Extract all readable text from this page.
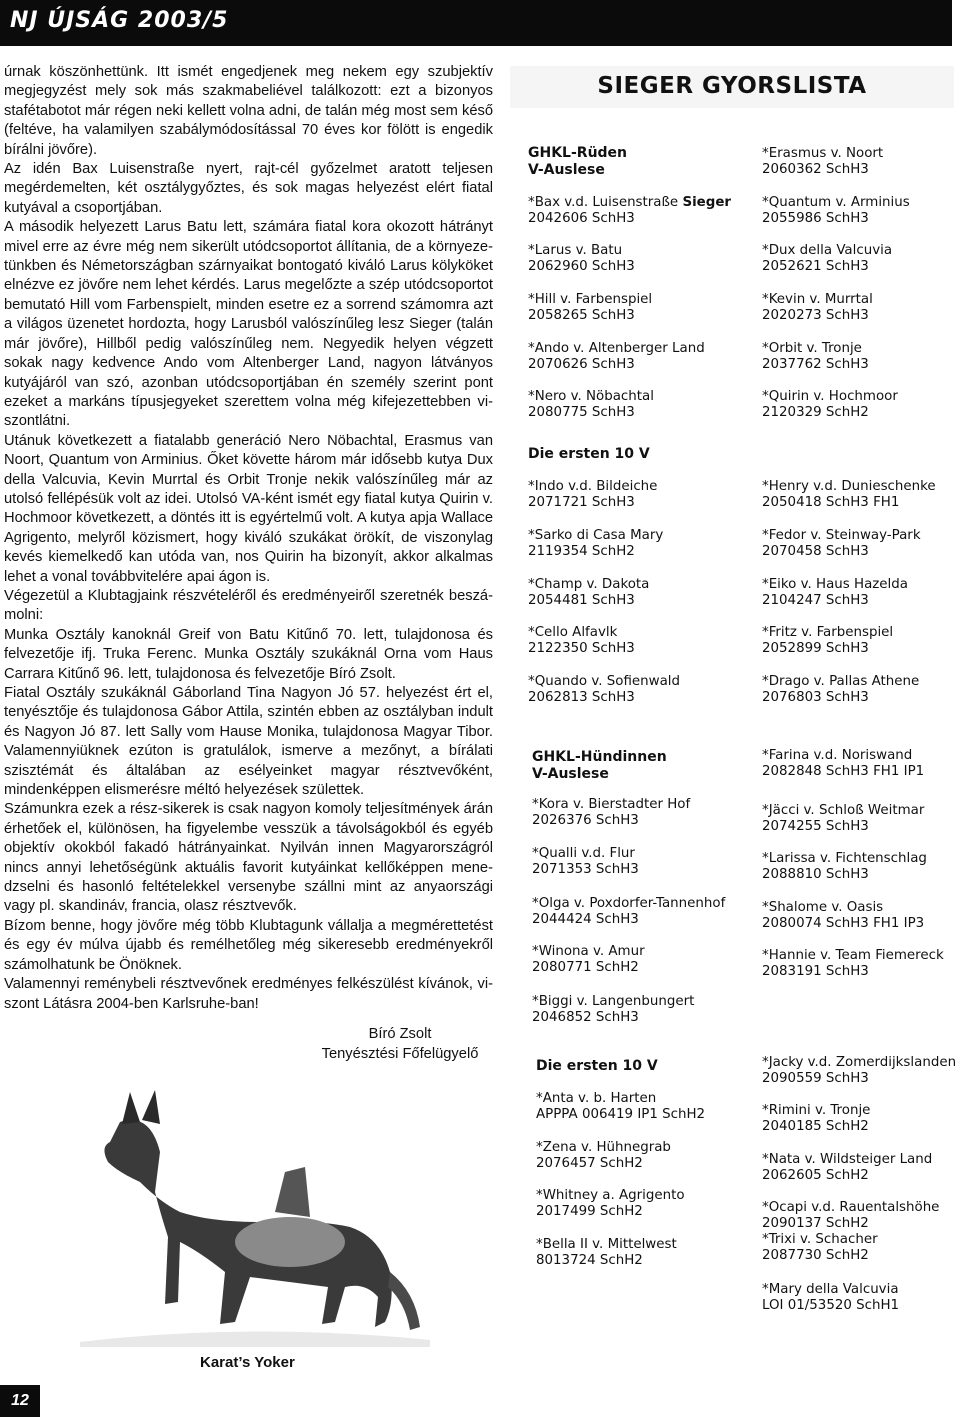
NJ ÚJSÁG 2003/5

úrnak köszönhettünk. Itt ismét engedjenek meg nekem egy szubjektív megjegyzést mely sok más szakmabeliével találkozott: ezt a bizonyos stafétabotot már régen neki kellett volna adni, de talán még most sem késő (feltéve, ha valamilyen szabálymódosítással 70 éves kor fölött is engedik bírálni jövőre).

Az idén Bax Luisenstraße nyert, rajt-cél győzelmet aratott teljesen megérdemelten, két osztálygyőztes, és sok magas helyezést elért fiatal kutyával a csoportjában.

A második helyezett Larus Batu lett, számára fiatal kora okozott hátrányt mivel erre az évre még nem sikerült utódcsoportot állítania, de a környezetünkben és Németországban szárnyaikat bontogató kiváló Larus kölyköket elnézve ez jövőre nem lehet kérdés. Larus megelőzte a szép utódcsoportot bemutató Hill vom Farbenspielt, minden esetre ez a sorrend számomra azt a világos üzenetet hordozta, hogy Larusból valószínűleg lesz Sieger (talán már jövőre), Hillből pedig valószínűleg nem. Negyedik helyen végzett sokak nagy kedvence Ando vom Altenberger Land, nagyon látványos kutyájáról van szó, azonban utódcsoportjában én személy szerint pont ezeket a markáns típusjegyeket szerettem volna még kifejezettebben viszontlátni.

Utánuk következett a fiatalabb generáció Nero Nöbachtal, Erasmus van Noort, Quantum von Arminius. Őket követte három már idősebb kutya Dux della Valcuvia, Kevin Murrtal és Orbit Tronje nekik valószínűleg már az utolsó fellépésük volt az idei. Utolsó VA-ként ismét egy fiatal kutya Quirin v. Hochmoor következett, a döntés itt is egyértelmű volt. A kutya apja Wallace Agrigento, melyről közismert, hogy kiváló szukákat örökít, de viszonylag kevés kiemelkedő kan utóda van, nos Quirin ha bizonyít, akkor alkalmas lehet a vonal továbbvitelére apai ágon is.

Végezetül a Klubtagjaink részvételéről és eredményeiről szeretnék beszámolni:

Munka Osztály kanoknál Greif von Batu Kitűnő 70. lett, tulajdonosa és felvezetője ifj. Truka Ferenc. Munka Osztály szukáknál Orna vom Haus Carrara Kitűnő 96. lett, tulajdonosa és felvezetője Bíró Zsolt.

Fiatal Osztály szukáknál Gáborland Tina Nagyon Jó 57. helyezést ért el, tenyésztője és tulajdonosa Gábor Attila, szintén ebben az osztályban indult és Nagyon Jó 87. lett Sally vom Hause Monika, tulajdonosa Magyar Tibor. Valamennyiüknek ezúton is gratulálok, ismerve a mezőnyt, a bírálati szisztémát és általában az esélyeinket magyar résztvevőként, mindenképpen elismerésre méltó helyezések születtek.

Számunkra ezek a rész-sikerek is csak nagyon komoly teljesítmények árán érhetőek el, különösen, ha figyelembe vesszük a távolságokból és egyéb objektív okokból fakadó hátrányainkat. Nyilván innen Magyarországról nincs annyi lehetőségünk aktuális favorit kutyáinkat kellőképpen menedzselni és hasonló feltételekkel versenybe szállni mint az anyaországi vagy pl. skandináv, francia, olasz résztvevők.

Bízom benne, hogy jövőre még több Klubtagunk vállalja a megmérettetést és egy év múlva újabb és remélhetőleg még sikeresebb eredményekről számolhatunk be Önöknek.

Valamennyi reménybeli résztvevőnek eredményes felkészülést kívánok, viszont Látásra 2004-ben Karlsruhe-ban!

Bíró Zsolt
Tenyésztési Főfelügyelő
Karat’s Yoker
12
SIEGER GYORSLISTA
GHKL-Rüden
V-Auslese
*Bax v.d. Luisenstraße Sieger
2042606 SchH3
*Larus v. Batu
2062960 SchH3
*Hill v. Farbenspiel
2058265 SchH3
*Ando v. Altenberger Land
2070626 SchH3
*Nero v. Nöbachtal
2080775 SchH3
*Erasmus v. Noort
2060362 SchH3
*Quantum v. Arminius
2055986 SchH3
*Dux della Valcuvia
2052621 SchH3
*Kevin v. Murrtal
2020273 SchH3
*Orbit v. Tronje
2037762 SchH3
*Quirin v. Hochmoor
2120329 SchH2
Die ersten 10 V
*Indo v.d. Bildeiche
2071721 SchH3
*Sarko di Casa Mary
2119354 SchH2
*Champ v. Dakota
2054481 SchH3
*Cello Alfavlk
2122350 SchH3
*Quando v. Sofienwald
2062813 SchH3
*Henry v.d. Dunieschenke
2050418 SchH3 FH1
*Fedor v. Steinway-Park
2070458 SchH3
*Eiko v. Haus Hazelda
2104247 SchH3
*Fritz v. Farbenspiel
2052899 SchH3
*Drago v. Pallas Athene
2076803 SchH3
GHKL-Hündinnen
V-Auslese
*Kora v. Bierstadter Hof
2026376 SchH3
*Qualli v.d. Flur
2071353 SchH3
*Olga v. Poxdorfer-Tannenhof
2044424 SchH3
*Winona v. Amur
2080771 SchH2
*Biggi v. Langenbungert
2046852 SchH3
*Farina v.d. Noriswand
2082848 SchH3 FH1 IP1
*Jäcci v. Schloß Weitmar
2074255 SchH3
*Larissa v. Fichtenschlag
2088810 SchH3
*Shalome v. Oasis
2080074 SchH3 FH1 IP3
*Hannie v. Team Fiemereck
2083191 SchH3
Die ersten 10 V
*Anta v. b. Harten
APPPA 006419 IP1 SchH2
*Zena v. Hühnegrab
2076457 SchH2
*Whitney a. Agrigento
2017499 SchH2
*Bella II v. Mittelwest
8013724 SchH2
*Jacky v.d. Zomerdijkslanden
2090559 SchH3
*Rimini v. Tronje
2040185 SchH2
*Nata v. Wildsteiger Land
2062605 SchH2
*Ocapi v.d. Rauentalshöhe
2090137 SchH2
*Trixi v. Schacher
2087730 SchH2
*Mary della Valcuvia
LOI 01/53520 SchH1
